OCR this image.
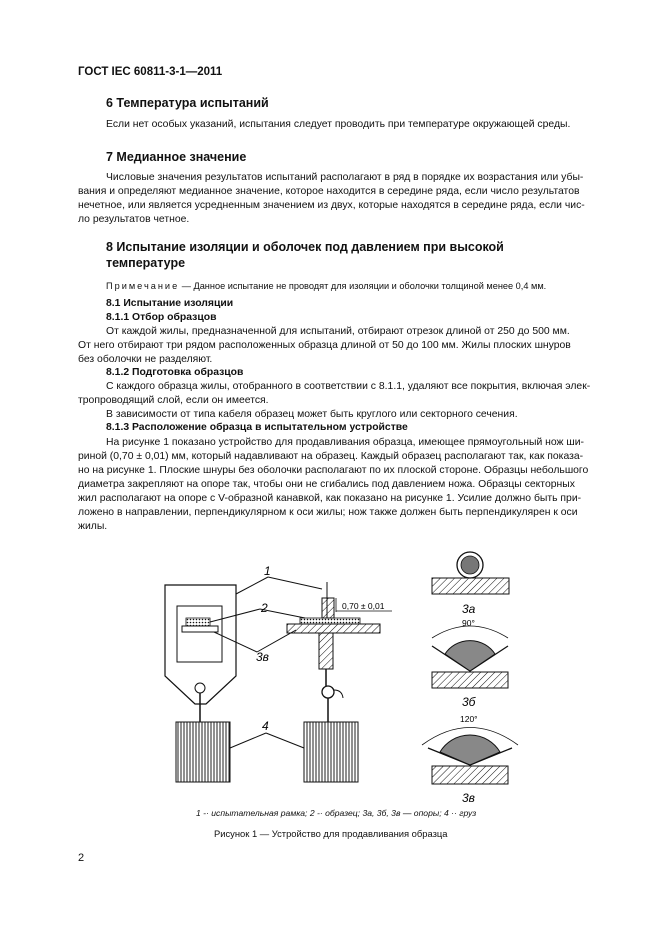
ГОСТ IEC 60811-3-1—2011
6 Температура испытаний
Если нет особых указаний, испытания следует проводить при температуре окружающей среды.
7 Медианное значение
Числовые значения результатов испытаний располагают в ряд в порядке их возрастания или убы-
вания и определяют медианное значение, которое находится в середине ряда, если число результатов
нечетное, или является усредненным значением из двух, которые находятся в середине ряда, если чис-
ло результатов четное.
8 Испытание изоляции и оболочек под давлением при высокой
температуре
Примечание — Данное испытание не проводят для изоляции и оболочки толщиной менее 0,4 мм.
8.1 Испытание изоляции
8.1.1 Отбор образцов
От каждой жилы, предназначенной для испытаний, отбирают отрезок длиной от 250 до 500 мм.
От него отбирают три рядом расположенных образца длиной от 50 до 100 мм. Жилы плоских шнуров
без оболочки не разделяют.
8.1.2 Подготовка образцов
С каждого образца жилы, отобранного в соответствии с 8.1.1, удаляют все покрытия, включая элек-
тропроводящий слой, если он имеется.
В зависимости от типа кабеля образец может быть круглого или секторного сечения.
8.1.3 Расположение образца в испытательном устройстве
На рисунке 1 показано устройство для продавливания образца, имеющее прямоугольный нож ши-
риной (0,70 ± 0,01) мм, который надавливают на образец. Каждый образец располагают так, как показа-
но на рисунке 1. Плоские шнуры без оболочки располагают по их плоской стороне. Образцы небольшого
диаметра закрепляют на опоре так, чтобы они не сгибались под давлением ножа. Образцы секторных
жил располагают на опоре с V-образной канавкой, как показано на рисунке 1. Усилие должно быть при-
ложено в направлении, перпендикулярном к оси жилы; нож также должен быть перпендикулярен к оси
жилы.
1
2
3в
4
0,70 ± 0,01	3а
90°
3б
120°
3в
1 -· испытательная рамка; 2 -· образец; 3а, 3б, 3в — опоры; 4 ·· груз
Рисунок 1 — Устройство для продавливания образца
2
